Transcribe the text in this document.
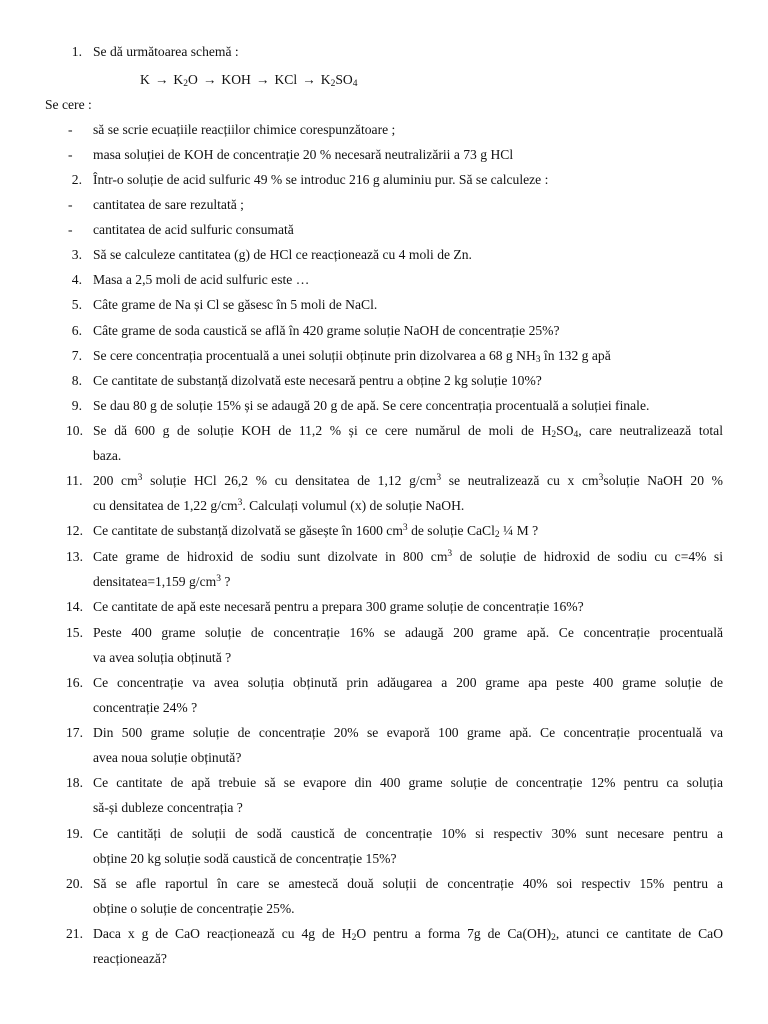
1. Se dă următoarea schemă :
$K \to K_2O$ → KOH → KCl → $K_2SO_4$
Se cere :
- să se scrie ecuațiile reacțiilor chimice corespunzătoare ;
- masa soluției de KOH de concentrație 20 % necesară neutralizării a 73 g HCl
2. Într-o soluție de acid sulfuric 49 % se introduc 216 g aluminiu pur. Să se calculeze :
- cantitatea de sare rezultată ;
- cantitatea de acid sulfuric consumată
3. Să se calculeze cantitatea (g) de HCl ce reacționează cu 4 moli de Zn.
4. Masa a 2,5 moli de acid sulfuric este …
5. Câte grame de Na și Cl se găsesc în 5 moli de NaCl.
6. Câte grame de soda caustică se află în 420 grame soluție NaOH de concentrație 25%?
7. Se cere concentrația procentuală a unei soluții obținute prin dizolvarea a 68 g $NH_3$ în 132 g apă
8. Ce cantitate de substanță dizolvată este necesară pentru a obține 2 kg soluție 10%?
9. Se dau 80 g de soluție 15% și se adaugă 20 g de apă. Se cere concentrația procentuală a soluției finale.
10. Se dă 600 g de soluție KOH de 11,2 % și ce cere numărul de moli de $H_2SO_4$, care neutralizează total
baza.
11. 200 $cm^3$ soluție HCl 26,2 % cu densitatea de 1,12 $g/cm^3$ se neutralizează cu x $cm^3soluție$ NaOH 20 %
cu densitatea de 1,22 $g/cm^3$. Calculați volumul (x) de soluție NaOH.
12. Ce cantitate de substanță dizolvată se găsește în 1600 $cm^3$ de soluție CaCl$_2$ ¼ M ?
13. Cate grame de hidroxid de sodiu sunt dizolvate in 800 $cm^3$ de soluție de hidroxid de sodiu cu c=4% si
densitatea=1,159 $g/cm^3$ ?
14. Ce cantitate de apă este necesară pentru a prepara 300 grame soluție de concentrație 16%?
15. Peste 400 grame soluție de concentrație 16% se adaugă 200 grame apă. Ce concentrație procentuală
va avea soluția obținută ?
16. Ce concentrație va avea soluția obținută prin adăugarea a 200 grame apa peste 400 grame soluție de
concentrație 24% ?
17. Din 500 grame soluție de concentrație 20% se evaporă 100 grame apă. Ce concentrație procentuală va
avea noua soluție obținută?
18. Ce cantitate de apă trebuie să se evapore din 400 grame soluție de concentrație 12% pentru ca soluția
să-și dubleze concentrația ?
19. Ce cantități de soluții de sodă caustică de concentrație 10% si respectiv 30% sunt necesare pentru a
obține 20 kg soluție sodă caustică de concentrație 15%?
20. Să se afle raportul în care se amestecă două soluții de concentrație 40% soi respectiv 15% pentru a
obține o soluție de concentrație 25%.
21. Daca x g de CaO reacționează cu 4g de $H_2O$ pentru a forma 7g de $Ca(OH)_2$, atunci ce cantitate de CaO
reacționează?
